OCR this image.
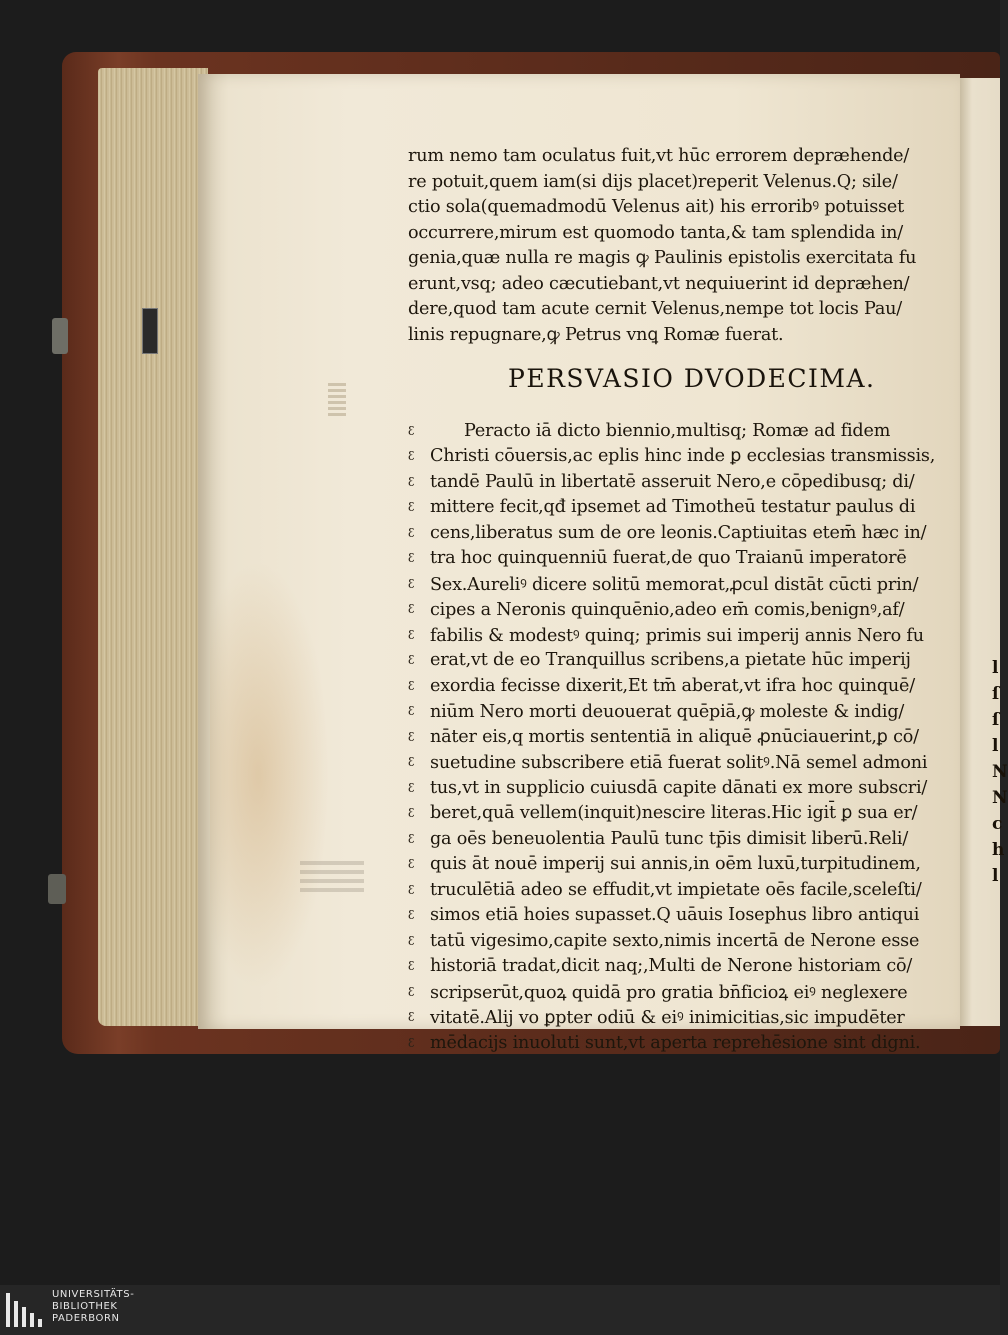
l
ſ
ſ
l
N
N
c
h
l
rum nemo tam oculatus fuit,vt hūc errorem depræhende/
re potuit,quem iam(si dijs placet)reperit Velenus.Q; sile/
ctio sola(quemadmodū Velenus ait) his erroribꝰ potuisset
occurrere,mirum est quomodo tanta,& tam splendida in/
genia,quæ nulla re magis ꝙ Paulinis epistolis exercitata fu
erunt,vsq; adeo cæcutiebant,vt nequiuerint id depræhen/
dere,quod tam acute cernit Velenus,nempe tot locis Pau/
linis repugnare,ꝙ Petrus vnꝗ Romæ fuerat.
PERSVASIO DVODECIMA.
ꜫ	Peracto iā dicto biennio,multisq; Romæ ad fidem
ꜫ Christi cōuersis,ac eplis hinc inde ꝑ ecclesias transmissis,
ꜫ tandē Paulū in libertatē asseruit Nero,e cōpedibusq; di/
ꜫ mittere fecit,qđ ipsemet ad Timotheū testatur paulus di
ꜫ cens,liberatus sum de ore leonis.Captiuitas etem̄ hæc in/
ꜫ tra hoc quinquenniū fuerat,de quo Traianū imperatorē
ꜫ Sex.Aureliꝰ dicere solitū memorat,ꝓcul distāt cūcti prin/
ꜫ cipes a Neronis quinquēnio,adeo em̄ comis,benignꝰ,af/
ꜫ fabilis & modestꝰ quinq; primis sui imperij annis Nero fu
ꜫ erat,vt de eo Tranquillus scribens,a pietate hūc imperij
ꜫ exordia fecisse dixerit,Et tm̄ aberat,vt ifra hoc quinquē/
ꜫ niūm Nero morti deuouerat quēpiā,ꝙ moleste & indig/
ꜫ nāter eis,q mortis sententiā in aliquē ꝓnūciauerint,ꝑ cō/
ꜫ suetudine subscribere etiā fuerat solitꝰ.Nā semel admoni
ꜫ tus,vt in supplicio cuiusdā capite dānati ex more subscri/
ꜫ beret,quā vellem(inquit)nescire literas.Hic igit̄ ꝑ sua er/
ꜫ ga oēs beneuolentia Paulū tunc tp̄is dimisit liberū.Reli/
ꜫ quis āt nouē imperij sui annis,in oēm luxū,turpitudinem,
ꜫ truculētiā adeo se effudit,vt impietate oēs facile,sceleſti/
ꜫ simos etiā hoies supasset.Q uāuis Iosephus libro antiqui
ꜫ tatū vigesimo,capite sexto,nimis incertā de Nerone esse
ꜫ historiā tradat,dicit naq;,Multi de Nerone historiam cō/
ꜫ scripserūt,quoꝝ quidā pro gratia bn̄ficioꝝ eiꝰ neglexere
ꜫ vitatē.Alij vo ꝑpter odiū & eiꝰ inimicitias,sic impudēter
ꜫ mēdacijs inuoluti sunt,vt aperta reprehēsione sint digni.
UNIVERSITÄTS-
BIBLIOTHEK
PADERBORN
